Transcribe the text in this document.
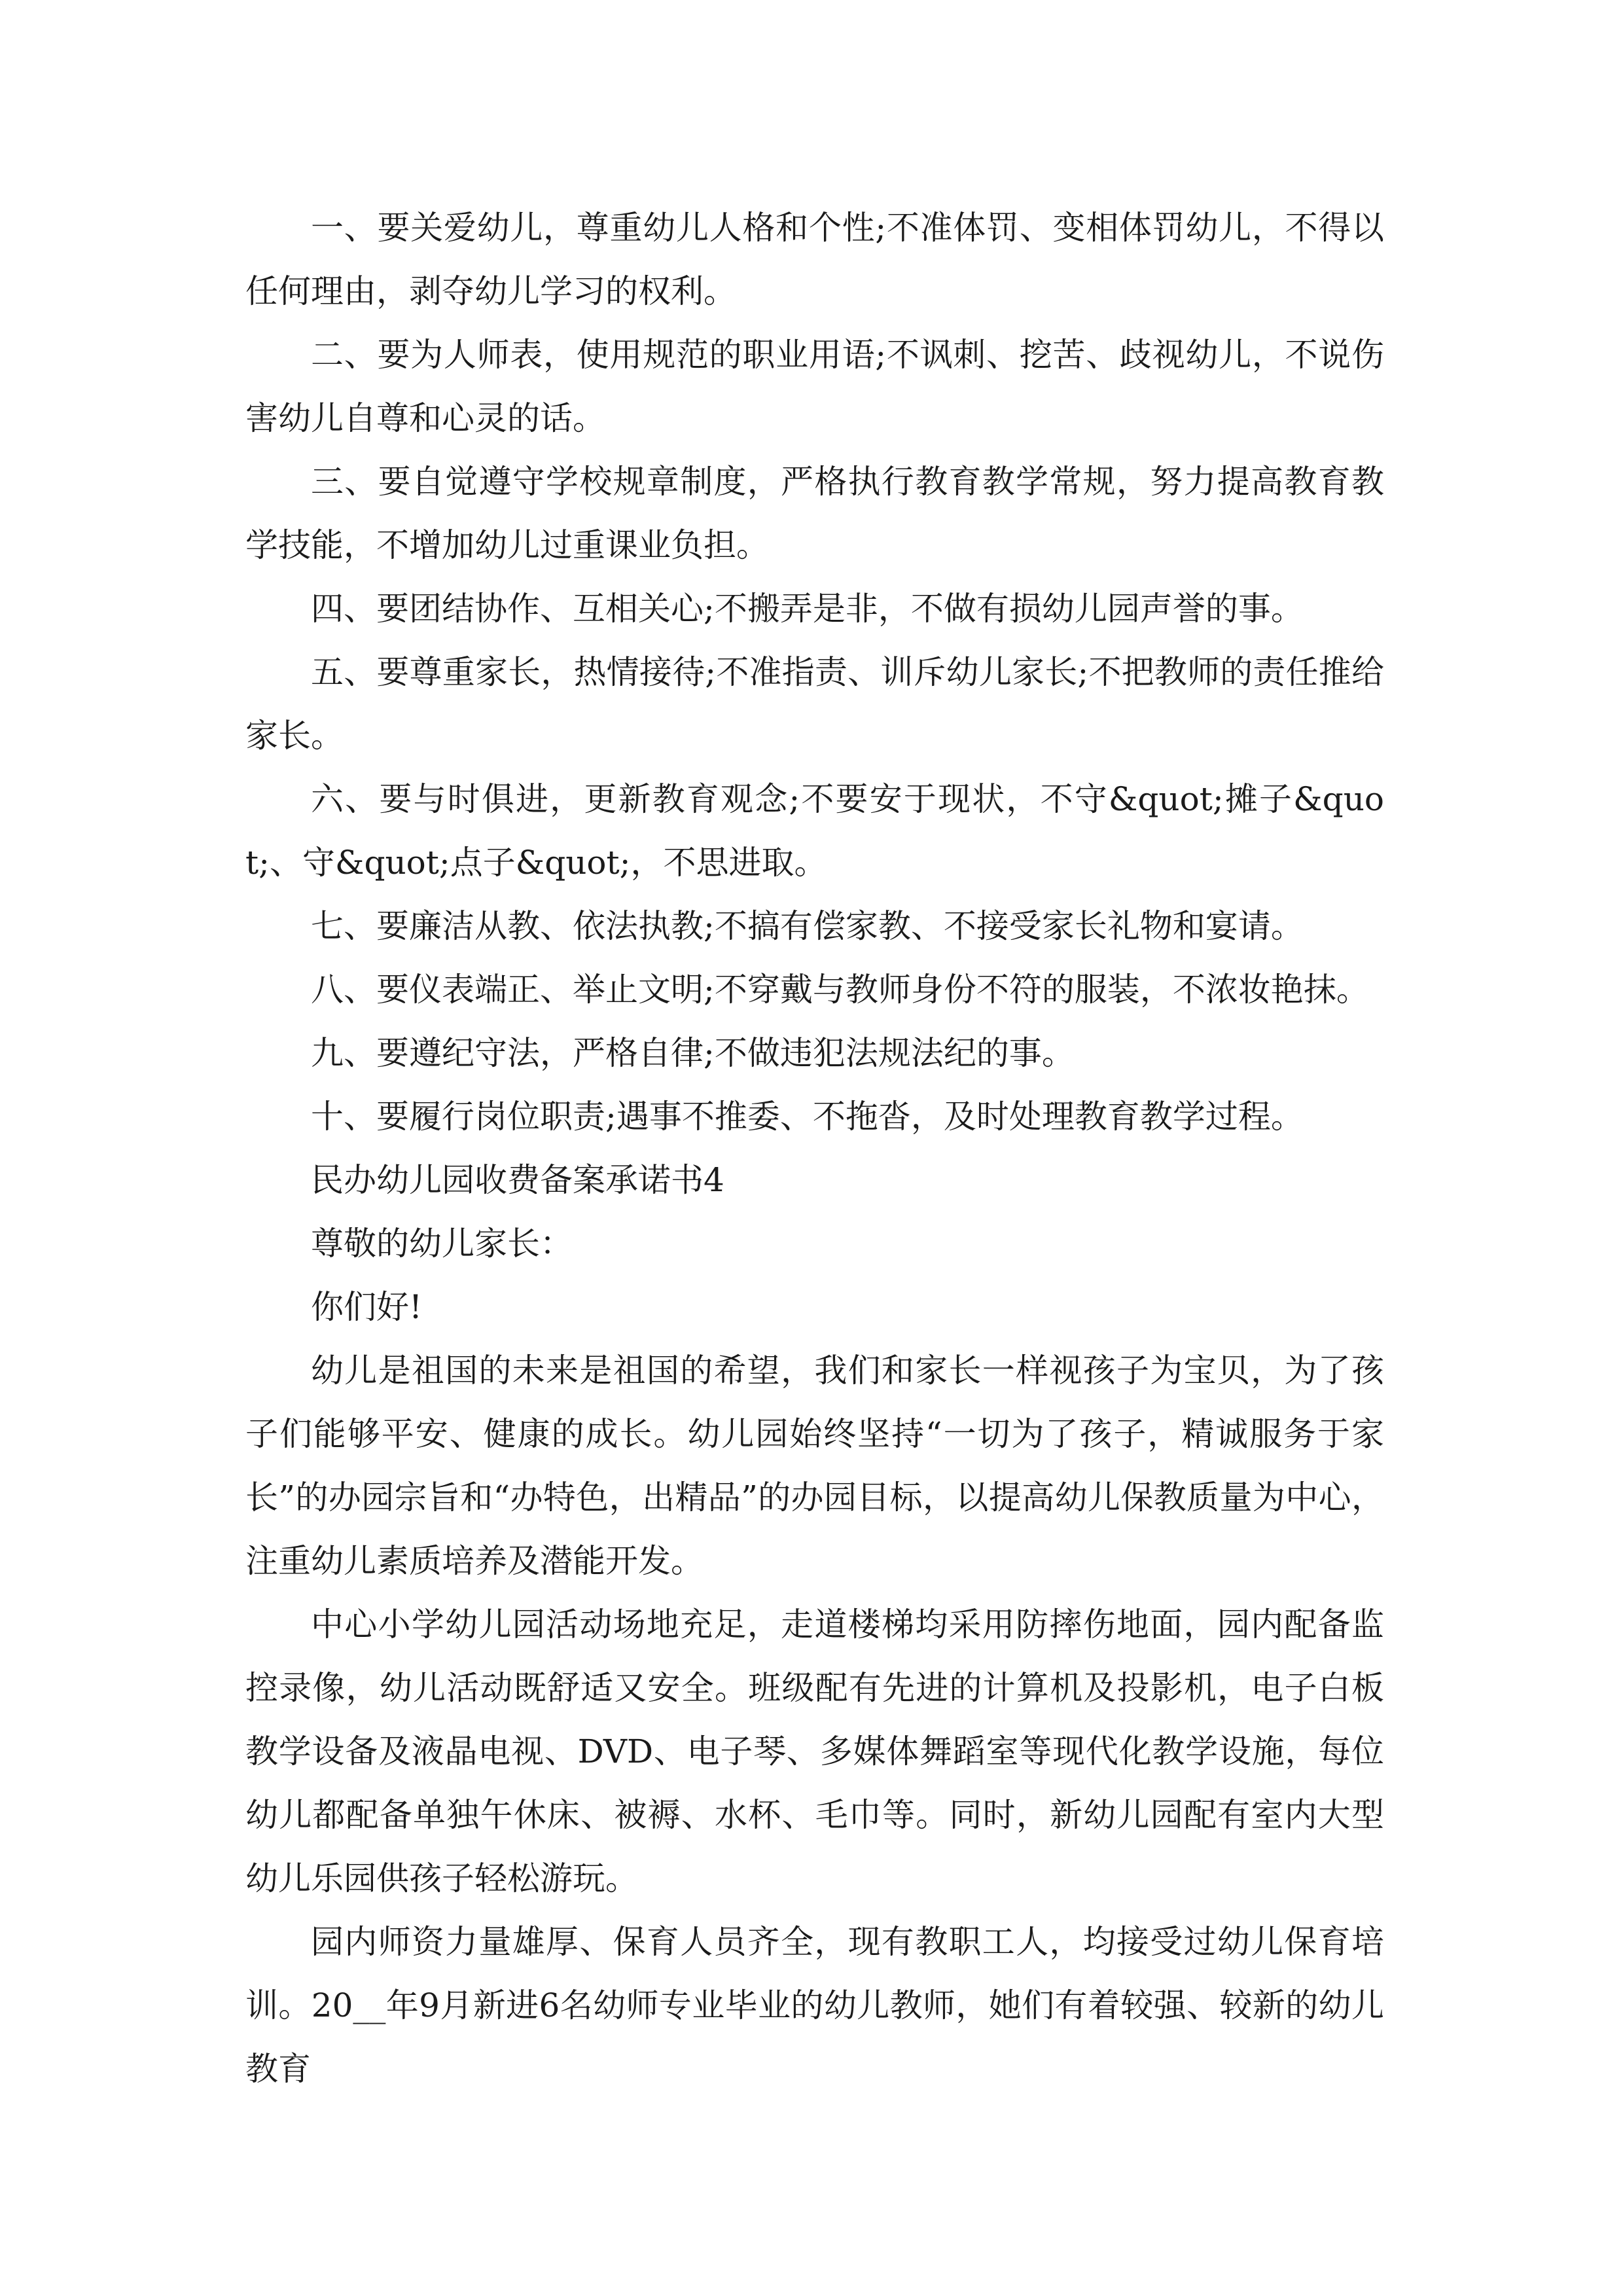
一、要关爱幼儿，尊重幼儿人格和个性;不准体罚、变相体罚幼儿，不得以任何理由，剥夺幼儿学习的权利。

二、要为人师表，使用规范的职业用语;不讽刺、挖苦、歧视幼儿，不说伤害幼儿自尊和心灵的话。

三、要自觉遵守学校规章制度，严格执行教育教学常规，努力提高教育教学技能，不增加幼儿过重课业负担。

四、要团结协作、互相关心;不搬弄是非，不做有损幼儿园声誉的事。

五、要尊重家长，热情接待;不准指责、训斥幼儿家长;不把教师的责任推给家长。

六、要与时俱进，更新教育观念;不要安于现状，不守&quot;摊子&quot;、守&quot;点子&quot;，不思进取。

七、要廉洁从教、依法执教;不搞有偿家教、不接受家长礼物和宴请。

八、要仪表端正、举止文明;不穿戴与教师身份不符的服装，不浓妆艳抹。

九、要遵纪守法，严格自律;不做违犯法规法纪的事。

十、要履行岗位职责;遇事不推委、不拖沓，及时处理教育教学过程。

民办幼儿园收费备案承诺书4

尊敬的幼儿家长：

你们好!

幼儿是祖国的未来是祖国的希望，我们和家长一样视孩子为宝贝，为了孩子们能够平安、健康的成长。幼儿园始终坚持“一切为了孩子，精诚服务于家长”的办园宗旨和“办特色，出精品”的办园目标，以提高幼儿保教质量为中心，注重幼儿素质培养及潜能开发。

中心小学幼儿园活动场地充足，走道楼梯均采用防摔伤地面，园内配备监控录像，幼儿活动既舒适又安全。班级配有先进的计算机及投影机，电子白板教学设备及液晶电视、DVD、电子琴、多媒体舞蹈室等现代化教学设施，每位幼儿都配备单独午休床、被褥、水杯、毛巾等。同时，新幼儿园配有室内大型幼儿乐园供孩子轻松游玩。

园内师资力量雄厚、保育人员齐全，现有教职工人，均接受过幼儿保育培训。20__年9月新进6名幼师专业毕业的幼儿教师，她们有着较强、较新的幼儿教育
